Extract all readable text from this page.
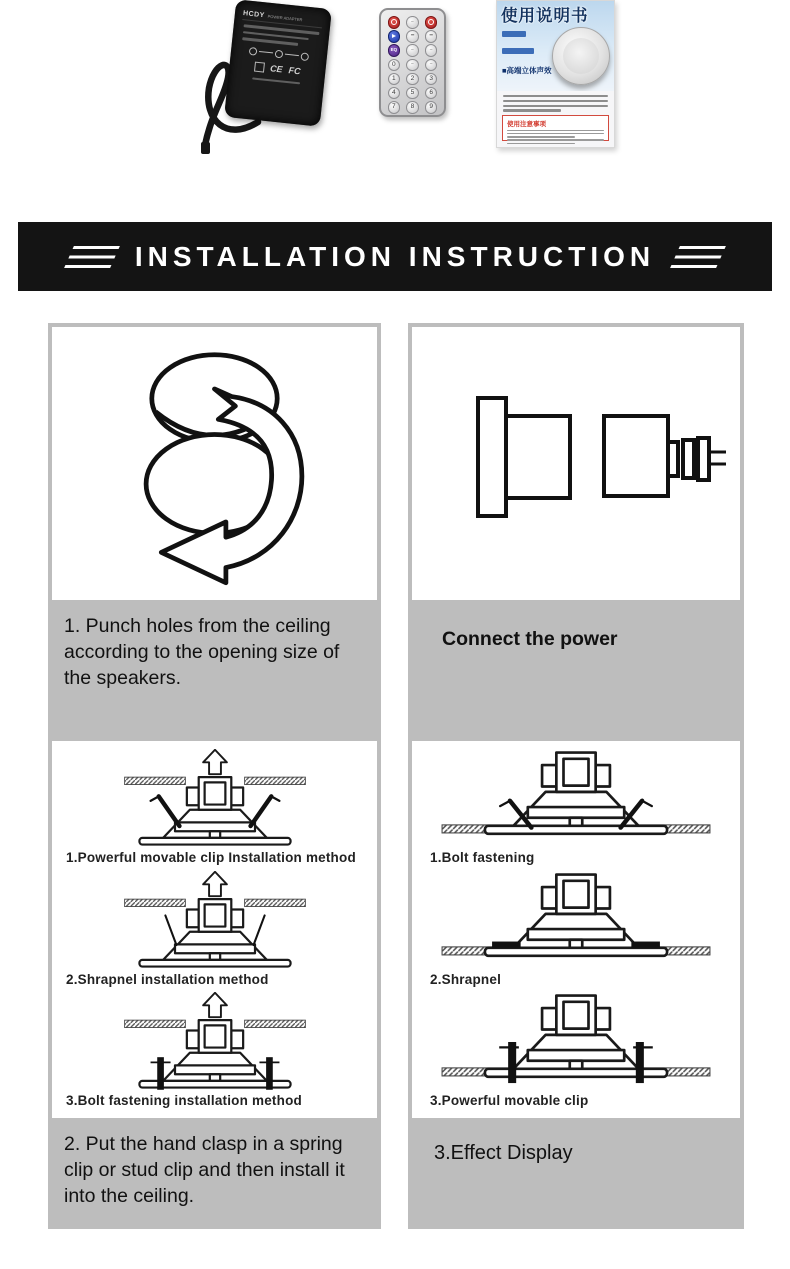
HCDY POWER ADAPTER
CE FC
−
− −
EQ	−	−
0	−	−
1	2	3
4	5	6
7	8	9
使用说明书
■高端立体声效
使用注意事项
INSTALLATION INSTRUCTION
1. Punch holes from the ceiling according to the opening size of the speakers.
1.Powerful movable clip Installation method
2.Shrapnel installation method
3.Bolt fastening installation method
2. Put the hand clasp in a spring clip or stud clip and then install it into the ceiling.
Connect the power
1.Bolt fastening
2.Shrapnel
3.Powerful movable clip
3.Effect Display
